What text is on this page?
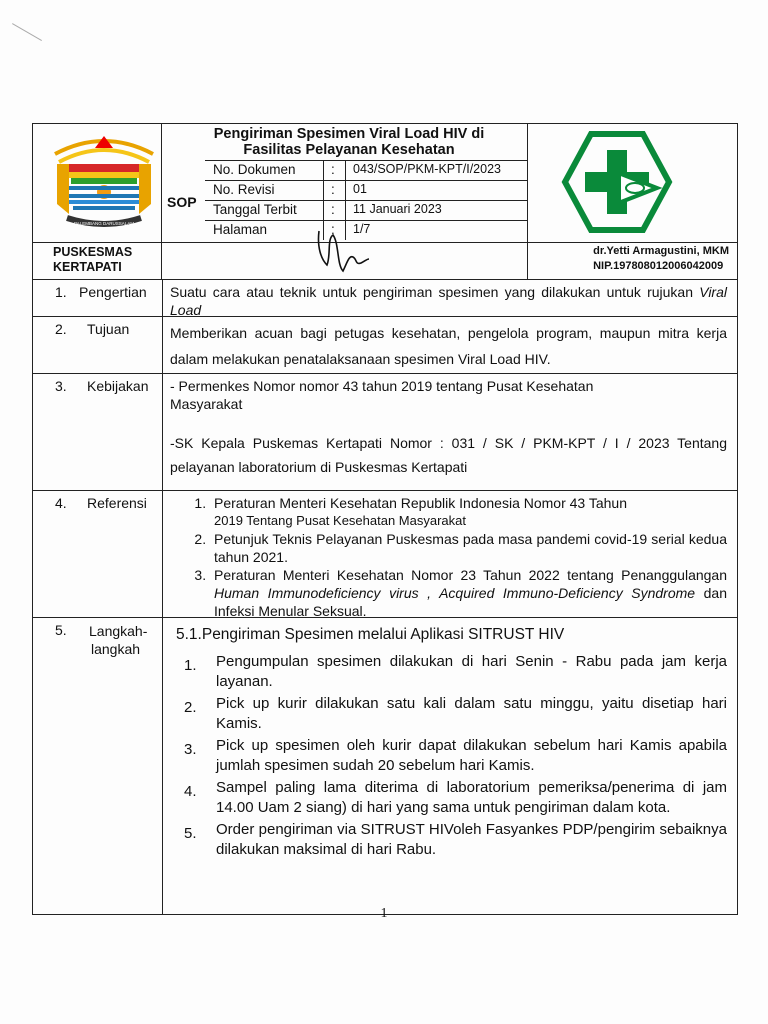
PALEMBANG DARUSSALAM
Pengiriman Spesimen Viral Load HIV di
Fasilitas Pelayanan Kesehatan
SOP
No. Dokumen	: 043/SOP/PKM-KPT/I/2023
No. Revisi	: 01
Tanggal Terbit	: 11 Januari 2023
Halaman	: 1/7
PUSKESMAS
KERTAPATI
dr.Yetti Armagustini, MKM
NIP.197808012006042009
1. Pengertian Suatu cara atau teknik untuk pengiriman spesimen yang dilakukan untuk rujukan Viral Load
2. Tujuan	Memberikan acuan bagi petugas kesehatan, pengelola program, maupun mitra kerja dalam melakukan penatalaksanaan spesimen Viral Load HIV.
3. Kebijakan - Permenkes Nomor nomor 43 tahun 2019 tentang Pusat Kesehatan Masyarakat
-SK Kepala Puskemas Kertapati Nomor : 031 / SK / PKM-KPT / I / 2023 Tentang pelayanan laboratorium di Puskesmas Kertapati
4. Referensi
1.	Peraturan Menteri Kesehatan Republik Indonesia Nomor 43 Tahun
2019 Tentang Pusat Kesehatan Masyarakat
2. Petunjuk Teknis Pelayanan Puskesmas pada masa pandemi covid-19 serial kedua tahun 2021.
3. Peraturan Menteri Kesehatan Nomor 23 Tahun 2022 tentang Penanggulangan Human Immunodeficiency virus , Acquired Immuno-Deficiency Syndrome dan Infeksi Menular Seksual.
5. Langkah-
langkah
5.1.Pengiriman Spesimen melalui Aplikasi SITRUST HIV
1. Pengumpulan spesimen dilakukan di hari Senin - Rabu pada jam kerja layanan.
2. Pick up kurir dilakukan satu kali dalam satu minggu, yaitu disetiap hari Kamis.
3. Pick up spesimen oleh kurir dapat dilakukan sebelum hari Kamis apabila jumlah spesimen sudah 20 sebelum hari Kamis.
4. Sampel paling lama diterima di laboratorium pemeriksa/penerima di jam 14.00 Uam 2 siang) di hari yang sama untuk pengiriman dalam kota.
5. Order pengiriman via SITRUST HIVoleh Fasyankes PDP/pengirim sebaiknya dilakukan maksimal di hari Rabu.
1
